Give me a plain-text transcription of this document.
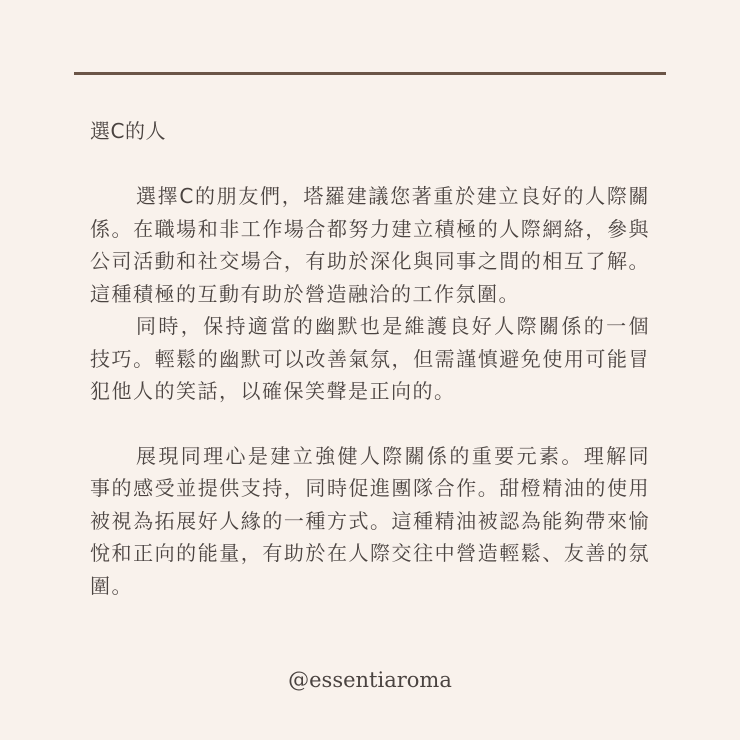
選C的人

選擇C的朋友們，塔羅建議您著重於建立良好的人際關係。在職場和非工作場合都努力建立積極的人際網絡，參與公司活動和社交場合，有助於深化與同事之間的相互了解。這種積極的互動有助於營造融洽的工作氛圍。

同時，保持適當的幽默也是維護良好人際關係的一個技巧。輕鬆的幽默可以改善氣氛，但需謹慎避免使用可能冒犯他人的笑話，以確保笑聲是正向的。

展現同理心是建立強健人際關係的重要元素。理解同事的感受並提供支持，同時促進團隊合作。甜橙精油的使用被視為拓展好人緣的一種方式。這種精油被認為能夠帶來愉悅和正向的能量，有助於在人際交往中營造輕鬆、友善的氛圍。

@essentiaroma
